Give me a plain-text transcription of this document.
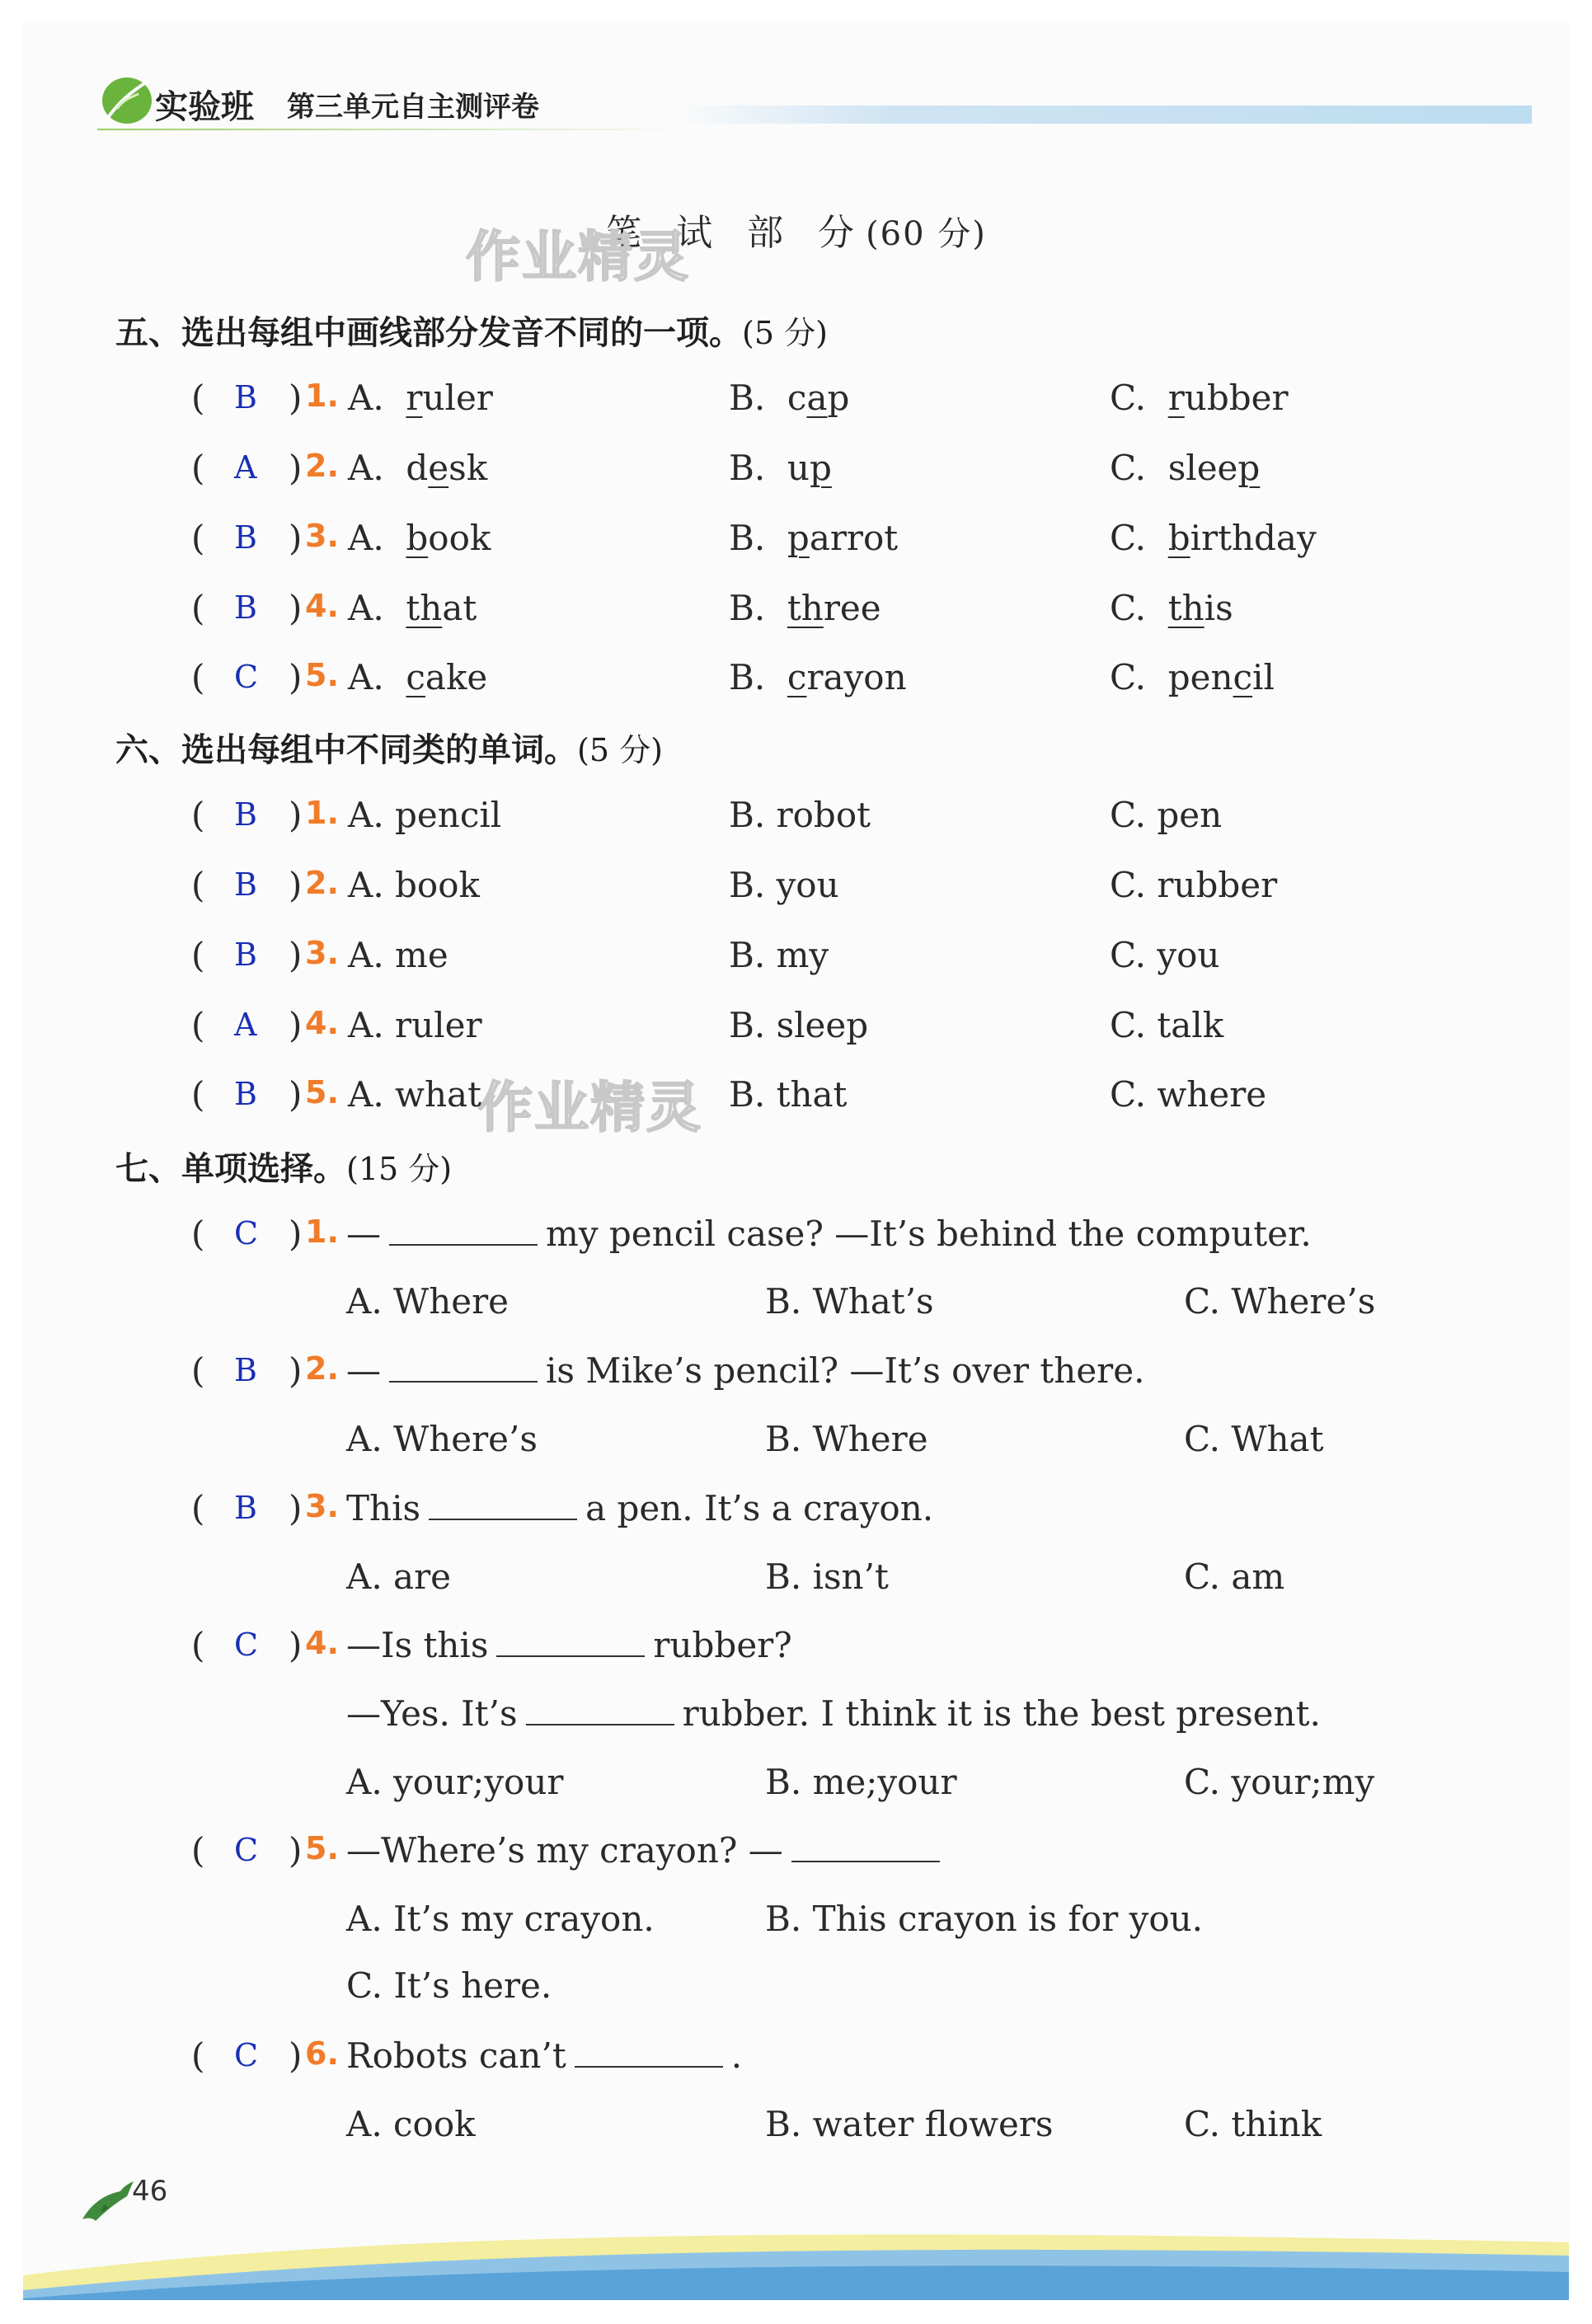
实验班 第三单元自主测评卷
笔 试 部 分(60 分)
作业精灵
作业精灵
五、选出每组中画线部分发音不同的一项。(5 分)
( B ) 1. A. ruler	B. cap	C. rubber
( A ) 2. A. desk	B. up	C. sleep
( B ) 3. A. book	B. parrot	C. birthday
( B ) 4. A. that	B. three	C. this
( C ) 5. A. cake	B. crayon	C. pencil
六、选出每组中不同类的单词。(5 分)
( B ) 1. A. pencil	B. robot	C. pen
( B ) 2. A. book	B. you	C. rubber
( B ) 3. A. me	B. my	C. you
( A ) 4. A. ruler	B. sleep	C. talk
( B ) 5. A. what	B. that	C. where
七、单项选择。(15 分)
( C ) 1. —	my pencil case? —It’s behind the computer.
A. Where	B. What’s	C. Where’s
( B ) 2. —	is Mike’s pencil? —It’s over there.
A. Where’s	B. Where	C. What
( B ) 3. This	a pen. It’s a crayon.
A. are	B. isn’t	C. am
( C ) 4. —Is this	rubber?
—Yes. It’s	rubber. I think it is the best present.
A. your;your	B. me;your	C. your;my
( C ) 5. —Where’s my crayon? —
A. It’s my crayon.	B. This crayon is for you.
C. It’s here.
( C ) 6. Robots can’t	.
A. cook	B. water flowers	C. think
46
